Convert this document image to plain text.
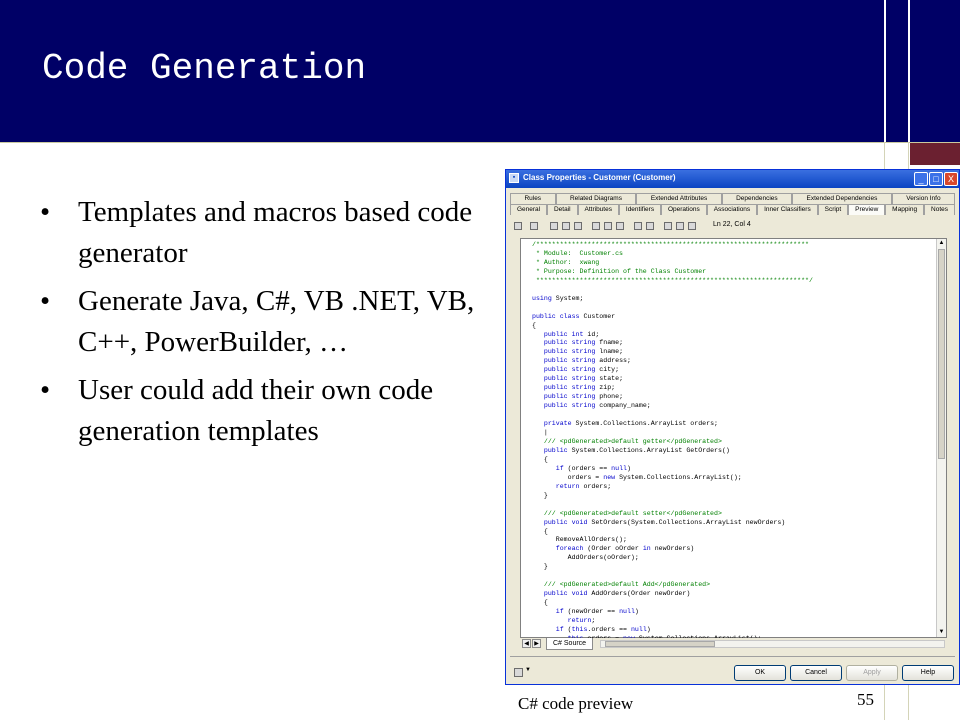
Code Generation
• Templates and macros based code generator
• Generate Java, C#, VB .NET, VB, C++, PowerBuilder, …
• User could add their own code generation templates
▪ Class Properties - Customer (Customer)	_	□	X
Rules	Related Diagrams	Extended Attributes	Dependencies	Extended Dependencies	Version Info
General	Detail	Attributes	Identifiers	Operations	Associations	Inner Classifiers	Script	Preview	Mapping	Notes
Ln 22, Col 4
/*********************************************************************
* Module:  Customer.cs
* Author:  xwang
* Purpose: Definition of the Class Customer
*********************************************************************/

using System;

public class Customer
{
public int id;
public string fname;
public string lname;
public string address;
public string city;
public string state;
public string zip;
public string phone;
public string company_name;

private System.Collections.ArrayList orders;
|
/// <pdGenerated>default getter</pdGenerated>
public System.Collections.ArrayList GetOrders()
{
if (orders == null)
orders = new System.Collections.ArrayList();
return orders;
}

/// <pdGenerated>default setter</pdGenerated>
public void SetOrders(System.Collections.ArrayList newOrders)
{
RemoveAllOrders();
foreach (Order oOrder in newOrders)
AddOrders(oOrder);
}

/// <pdGenerated>default Add</pdGenerated>
public void AddOrders(Order newOrder)
{
if (newOrder == null)
return;
if (this.orders == null)

▲
▼
◀ ▶	C# Source
▼	OK	Cancel	Apply	Help
C# code preview	55
